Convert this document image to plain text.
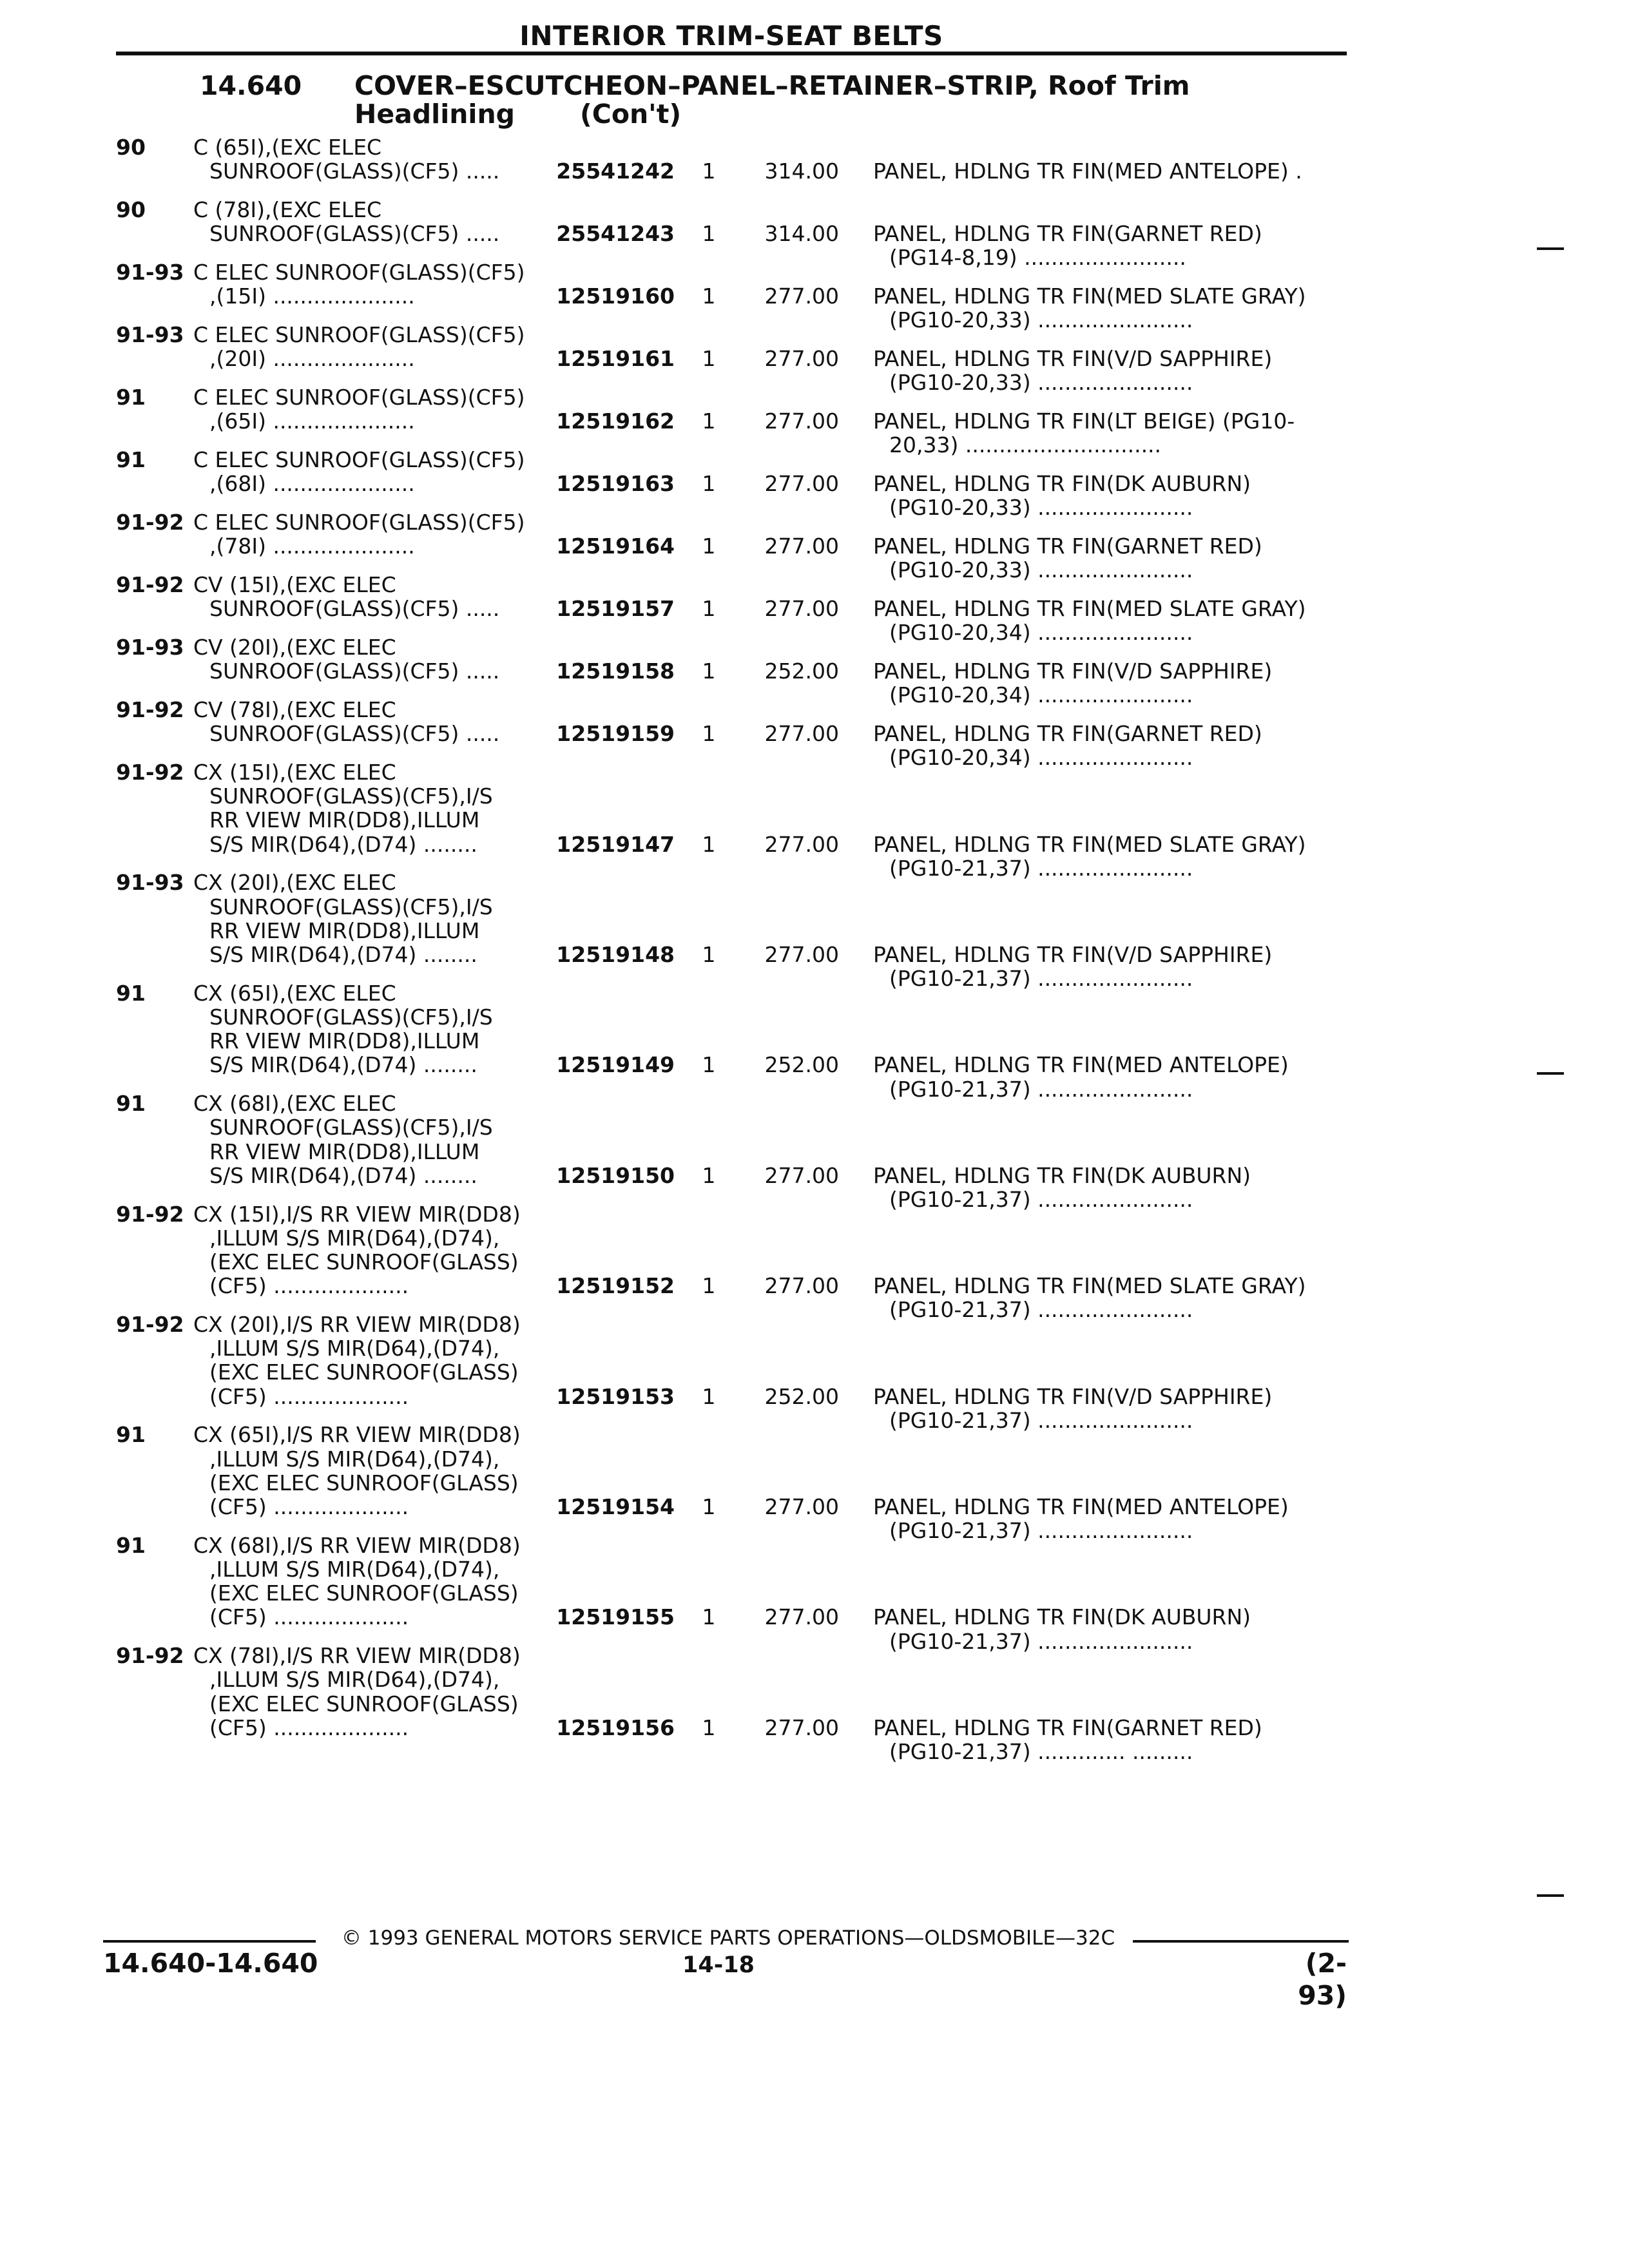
INTERIOR TRIM-SEAT BELTS
14.640 COVER–ESCUTCHEON–PANEL–RETAINER–STRIP, Roof Trim
Headlining (Con't)
90 C (65I),(EXC ELEC
SUNROOF(GLASS)(CF5) .....	25541242 1	314.00 PANEL, HDLNG TR FIN(MED ANTELOPE) .
90 C (78I),(EXC ELEC
SUNROOF(GLASS)(CF5) .....	25541243 1	314.00 PANEL, HDLNG TR FIN(GARNET RED)
(PG14-8,19) ........................
91-93 C ELEC SUNROOF(GLASS)(CF5)
,(15I) .....................	12519160 1	277.00 PANEL, HDLNG TR FIN(MED SLATE GRAY)
(PG10-20,33) .......................
91-93 C ELEC SUNROOF(GLASS)(CF5)
,(20I) .....................	12519161 1	277.00 PANEL, HDLNG TR FIN(V/D SAPPHIRE)
(PG10-20,33) .......................
91 C ELEC SUNROOF(GLASS)(CF5)
,(65I) .....................	12519162 1	277.00 PANEL, HDLNG TR FIN(LT BEIGE) (PG10-
20,33) .............................
91 C ELEC SUNROOF(GLASS)(CF5)
,(68I) .....................	12519163 1	277.00 PANEL, HDLNG TR FIN(DK AUBURN)
(PG10-20,33) .......................
91-92 C ELEC SUNROOF(GLASS)(CF5)
,(78I) .....................	12519164 1	277.00 PANEL, HDLNG TR FIN(GARNET RED)
(PG10-20,33) .......................
91-92 CV (15I),(EXC ELEC
SUNROOF(GLASS)(CF5) .....	12519157 1	277.00 PANEL, HDLNG TR FIN(MED SLATE GRAY)
(PG10-20,34) .......................
91-93 CV (20I),(EXC ELEC
SUNROOF(GLASS)(CF5) .....	12519158 1	252.00 PANEL, HDLNG TR FIN(V/D SAPPHIRE)
(PG10-20,34) .......................
91-92 CV (78I),(EXC ELEC
SUNROOF(GLASS)(CF5) .....	12519159 1	277.00 PANEL, HDLNG TR FIN(GARNET RED)
(PG10-20,34) .......................
91-92 CX (15I),(EXC ELEC
SUNROOF(GLASS)(CF5),I/S
RR VIEW MIR(DD8),ILLUM
S/S MIR(D64),(D74) ........	12519147 1	277.00 PANEL, HDLNG TR FIN(MED SLATE GRAY)
(PG10-21,37) .......................
91-93 CX (20I),(EXC ELEC
SUNROOF(GLASS)(CF5),I/S
RR VIEW MIR(DD8),ILLUM
S/S MIR(D64),(D74) ........	12519148 1	277.00 PANEL, HDLNG TR FIN(V/D SAPPHIRE)
(PG10-21,37) .......................
91 CX (65I),(EXC ELEC
SUNROOF(GLASS)(CF5),I/S
RR VIEW MIR(DD8),ILLUM
S/S MIR(D64),(D74) ........	12519149 1	252.00 PANEL, HDLNG TR FIN(MED ANTELOPE)
(PG10-21,37) .......................
91 CX (68I),(EXC ELEC
SUNROOF(GLASS)(CF5),I/S
RR VIEW MIR(DD8),ILLUM
S/S MIR(D64),(D74) ........	12519150 1	277.00 PANEL, HDLNG TR FIN(DK AUBURN)
(PG10-21,37) .......................
91-92 CX (15I),I/S RR VIEW MIR(DD8)
,ILLUM S/S MIR(D64),(D74),
(EXC ELEC SUNROOF(GLASS)
(CF5) ....................	12519152 1	277.00 PANEL, HDLNG TR FIN(MED SLATE GRAY)
(PG10-21,37) .......................
91-92 CX (20I),I/S RR VIEW MIR(DD8)
,ILLUM S/S MIR(D64),(D74),
(EXC ELEC SUNROOF(GLASS)
(CF5) ....................	12519153 1	252.00 PANEL, HDLNG TR FIN(V/D SAPPHIRE)
(PG10-21,37) .......................
91 CX (65I),I/S RR VIEW MIR(DD8)
,ILLUM S/S MIR(D64),(D74),
(EXC ELEC SUNROOF(GLASS)
(CF5) ....................	12519154 1	277.00 PANEL, HDLNG TR FIN(MED ANTELOPE)
(PG10-21,37) .......................
91 CX (68I),I/S RR VIEW MIR(DD8)
,ILLUM S/S MIR(D64),(D74),
(EXC ELEC SUNROOF(GLASS)
(CF5) ....................	12519155 1	277.00 PANEL, HDLNG TR FIN(DK AUBURN)
(PG10-21,37) .......................
91-92 CX (78I),I/S RR VIEW MIR(DD8)
,ILLUM S/S MIR(D64),(D74),
(EXC ELEC SUNROOF(GLASS)
(CF5) ....................	12519156 1	277.00 PANEL, HDLNG TR FIN(GARNET RED)
(PG10-21,37) ............. .........
© 1993 GENERAL MOTORS SERVICE PARTS OPERATIONS—OLDSMOBILE—32C
14.640-14.640	14-18	(2-93)
